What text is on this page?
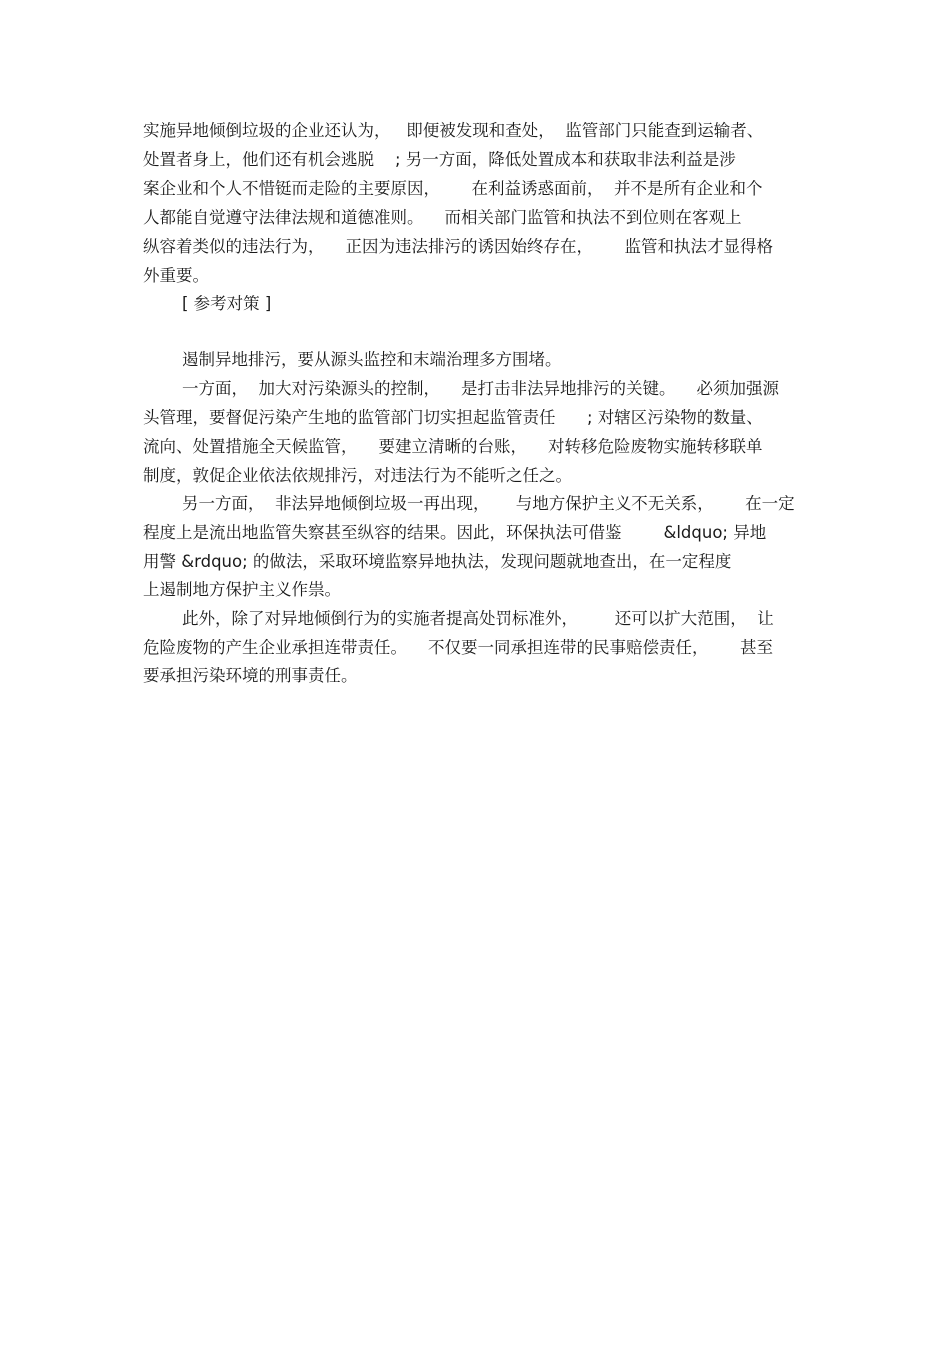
实施异地倾倒垃圾的企业还认为，   即便被发现和查处，  监管部门只能查到运输者、
处置者身上，他们还有机会逃脱    ; 另一方面，降低处置成本和获取非法利益是涉
案企业和个人不惜铤而走险的主要原因，      在利益诱惑面前，  并不是所有企业和个
人都能自觉遵守法律法规和道德准则。    而相关部门监管和执法不到位则在客观上
纵容着类似的违法行为，    正因为违法排污的诱因始终存在，      监管和执法才显得格
外重要。
[ 参考对策 ]
遏制异地排污，要从源头监控和末端治理多方围堵。
一方面，  加大对污染源头的控制，    是打击非法异地排污的关键。    必须加强源
头管理，要督促污染产生地的监管部门切实担起监管责任      ; 对辖区污染物的数量、
流向、处置措施全天候监管，    要建立清晰的台账，    对转移危险废物实施转移联单
制度，敦促企业依法依规排污，对违法行为不能听之任之。
另一方面，  非法异地倾倒垃圾一再出现，     与地方保护主义不无关系，      在一定
程度上是流出地监管失察甚至纵容的结果。因此，环保执法可借鉴        &ldquo; 异地
用警 &rdquo; 的做法，采取环境监察异地执法，发现问题就地查出，在一定程度
上遏制地方保护主义作祟。
此外，除了对异地倾倒行为的实施者提高处罚标准外，       还可以扩大范围，  让
危险废物的产生企业承担连带责任。    不仅要一同承担连带的民事赔偿责任，      甚至
要承担污染环境的刑事责任。
